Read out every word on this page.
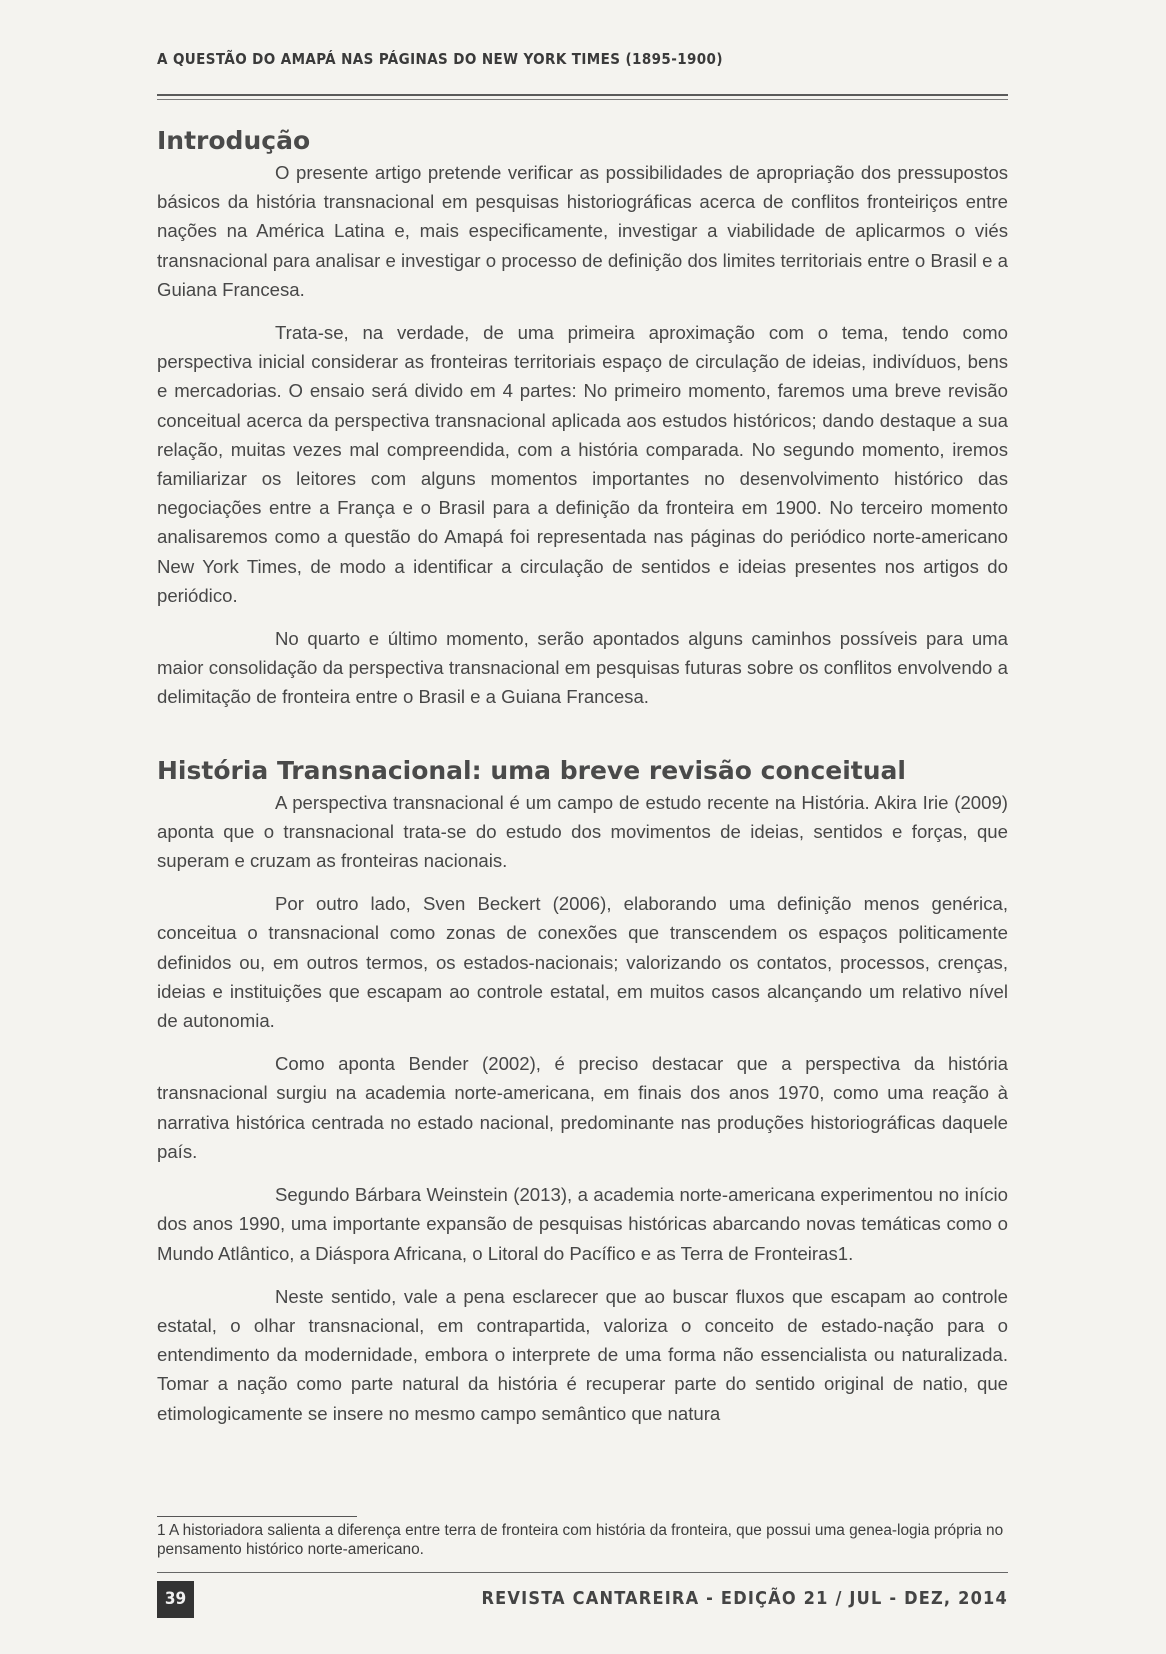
A QUESTÃO DO AMAPÁ NAS PÁGINAS DO NEW YORK TIMES (1895-1900)
Introdução

O presente artigo pretende verificar as possibilidades de apropriação dos pressupostos básicos da história transnacional em pesquisas historiográficas acerca de conflitos fronteiriços entre nações na América Latina e, mais especificamente, investigar a viabilidade de aplicarmos o viés transnacional para analisar e investigar o processo de definição dos limites territoriais entre o Brasil e a Guiana Francesa.

Trata-se, na verdade, de uma primeira aproximação com o tema, tendo como perspectiva inicial considerar as fronteiras territoriais espaço de circulação de ideias, indivíduos, bens e mercadorias. O ensaio será divido em 4 partes: No primeiro momento, faremos uma breve revisão conceitual acerca da perspectiva transnacional aplicada aos estudos históricos; dando destaque a sua relação, muitas vezes mal compreendida, com a história comparada. No segundo momento, iremos familiarizar os leitores com alguns momentos importantes no desenvolvimento histórico das negociações entre a França e o Brasil para a definição da fronteira em 1900. No terceiro momento analisaremos como a questão do Amapá foi representada nas páginas do periódico norte-americano New York Times, de modo a identificar a circulação de sentidos e ideias presentes nos artigos do periódico.

No quarto e último momento, serão apontados alguns caminhos possíveis para uma maior consolidação da perspectiva transnacional em pesquisas futuras sobre os conflitos envolvendo a delimitação de fronteira entre o Brasil e a Guiana Francesa.

História Transnacional: uma breve revisão conceitual

A perspectiva transnacional é um campo de estudo recente na História. Akira Irie (2009) aponta que o transnacional trata-se do estudo dos movimentos de ideias, sentidos e forças, que superam e cruzam as fronteiras nacionais.

Por outro lado, Sven Beckert (2006), elaborando uma definição menos genérica, conceitua o transnacional como zonas de conexões que transcendem os espaços politicamente definidos ou, em outros termos, os estados-nacionais; valorizando os contatos, processos, crenças, ideias e instituições que escapam ao controle estatal, em muitos casos alcançando um relativo nível de autonomia.

Como aponta Bender (2002), é preciso destacar que a perspectiva da história transnacional surgiu na academia norte-americana, em finais dos anos 1970, como uma reação à narrativa histórica centrada no estado nacional, predominante nas produções historiográficas daquele país.

Segundo Bárbara Weinstein (2013), a academia norte-americana experimentou no início dos anos 1990, uma importante expansão de pesquisas históricas abarcando novas temáticas como o Mundo Atlântico, a Diáspora Africana, o Litoral do Pacífico e as Terra de Fronteiras1.

Neste sentido, vale a pena esclarecer que ao buscar fluxos que escapam ao controle estatal, o olhar transnacional, em contrapartida, valoriza o conceito de estado-nação para o entendimento da modernidade, embora o interprete de uma forma não essencialista ou naturalizada. Tomar a nação como parte natural da história é recuperar parte do sentido original de natio, que etimologicamente se insere no mesmo campo semântico que natura

1 A historiadora salienta a diferença entre terra de fronteira com história da fronteira, que possui uma genea-logia própria no pensamento histórico norte-americano.
39	REVISTA CANTAREIRA - EDIÇÃO 21 / JUL - DEZ, 2014
